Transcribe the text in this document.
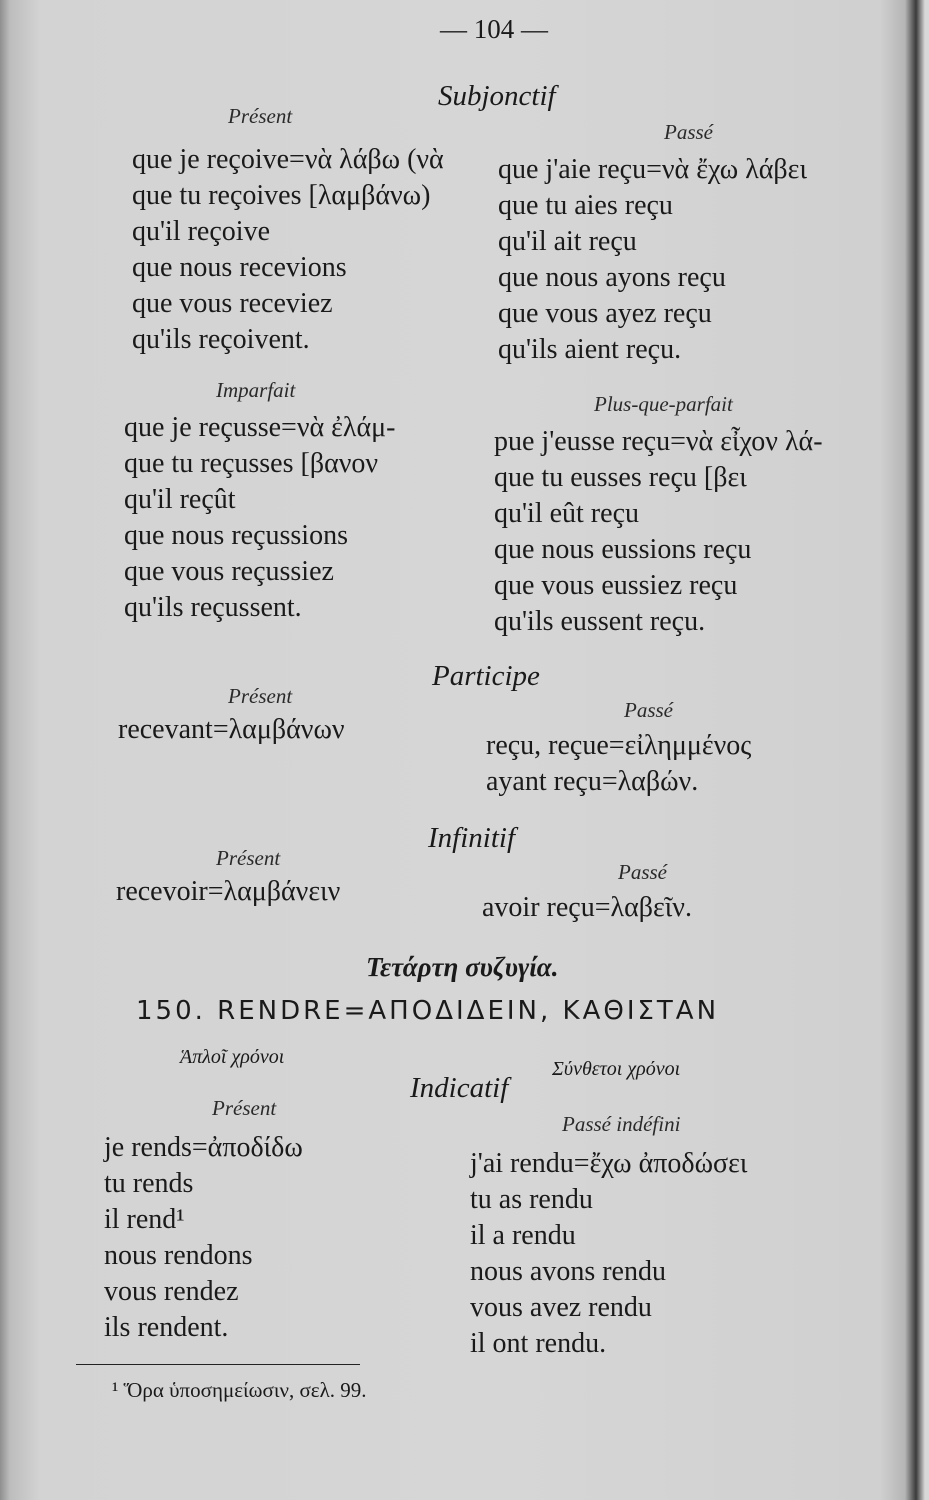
— 104 —
Subjonctif
Présent
Passé
que je reçoive=νὰ λάβω (νὰ
que tu reçoives [λαμβάνω)
qu'il reçoive
que nous recevions
que vous receviez
qu'ils reçoivent.
que j'aie reçu=νὰ ἔχω λάβει
que tu aies reçu
qu'il ait reçu
que nous ayons reçu
que vous ayez reçu
qu'ils aient reçu.
Imparfait
Plus-que-parfait
que je reçusse=νὰ ἐλάμ-
que tu reçusses [βανον
qu'il reçût
que nous reçussions
que vous reçussiez
qu'ils reçussent.
pue j'eusse reçu=νὰ εἶχον λά-
que tu eusses reçu [βει
qu'il eût reçu
que nous eussions reçu
que vous eussiez reçu
qu'ils eussent reçu.
Participe
Présent
Passé
recevant=λαμβάνων
reçu, reçue=εἰλημμένος
ayant reçu=λαβών.
Infinitif
Présent
Passé
recevoir=λαμβάνειν
avoir reçu=λαβεῖν.
Τετάρτη συζυγία.
150. RENDRE=ΑΠΟΔΙΔΕΙΝ, ΚΑΘΙΣΤΑΝ
Ἁπλοῖ χρόνοι
Σύνθετοι χρόνοι
Indicatif
Présent
Passé indéfini
je rends=ἀποδίδω
tu rends
il rend¹
nous rendons
vous rendez
ils rendent.
j'ai rendu=ἔχω ἀποδώσει
tu as rendu
il a rendu
nous avons rendu
vous avez rendu
il ont rendu.
¹ Ὅρα ὑποσημείωσιν, σελ. 99.
